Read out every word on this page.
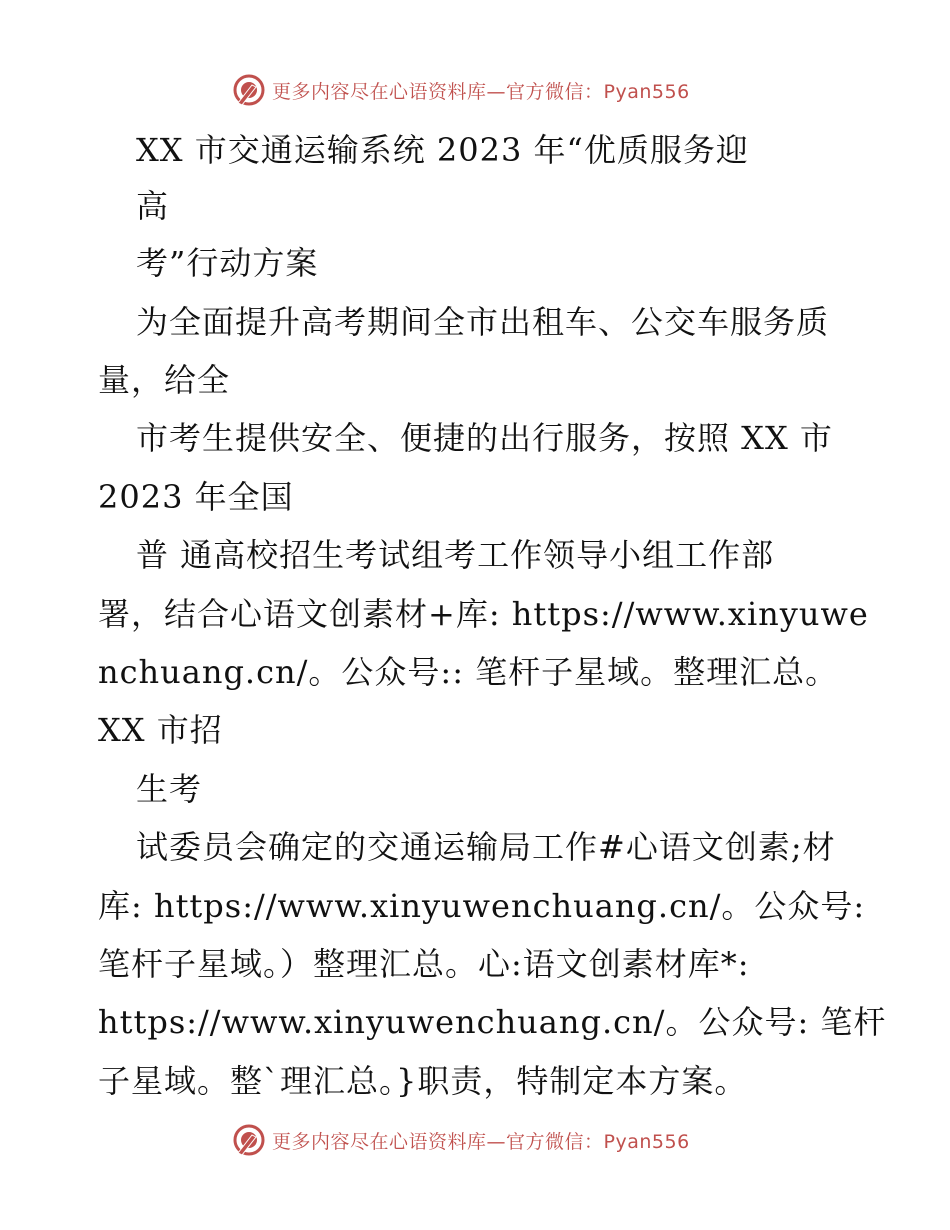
更多内容尽在心语资料库—官方微信：Pyan556
XX 市交通运输系统 2023 年“优质服务迎
高
考”行动方案
为全面提升高考期间全市出租车、公交车服务质
量，给全
市考生提供安全、便捷的出行服务，按照 XX 市
2023 年全国
普 通高校招生考试组考工作领导小组工作部
署，结合心语文创素材+库: https://www.xinyuwe
nchuang.cn/。公众号:: 笔杆子星域。整理汇总。
XX 市招
生考
试委员会确定的交通运输局工作#心语文创素;材
库: https://www.xinyuwenchuang.cn/。公众号:
笔杆子星域。）整理汇总。心:语文创素材库*:
https://www.xinyuwenchuang.cn/。公众号: 笔杆
子星域。整`理汇总。}职责，特制定本方案。
更多内容尽在心语资料库—官方微信：Pyan556
